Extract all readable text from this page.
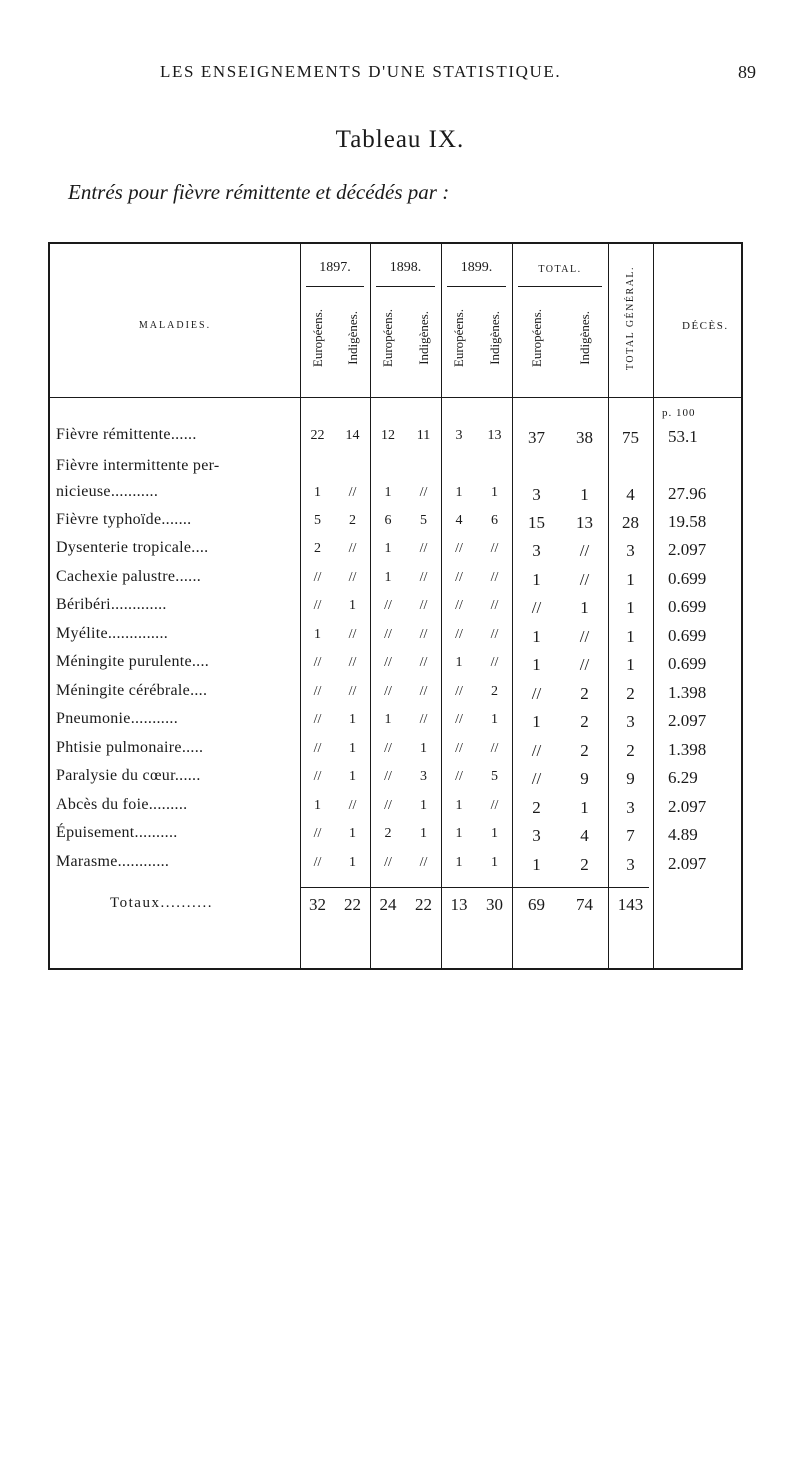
LES ENSEIGNEMENTS D'UNE STATISTIQUE.	89
Tableau IX.
Entrés pour fièvre rémittente et décédés par :
MALADIES.	DÉCÈS.
p. 100
1897.	1898.	1899.	TOTAL.
Européens. Indigènes. Européens. Indigènes. Européens. Indigènes. Européens.	Indigènes.	TOTAL GÉNÉRAL.
Fièvre rémittente......	22	14	12	11	3	13	37	38	75	53.1
Fièvre intermittente per-
nicieuse...........	1	//	1	//	1	1	3	1	4	27.96
Fièvre typhoïde.......	5	2	6	5	4	6	15	13	28	19.58
Dysenterie tropicale....	2	//	1	//	//	//	3	//	3	2.097
Cachexie palustre......	//	//	1	//	//	//	1	//	1	0.699
Béribéri.............	//	1	//	//	//	//	//	1	1	0.699
Myélite..............	1	//	//	//	//	//	1	//	1	0.699
Méningite purulente....	//	//	//	//	1	//	1	//	1	0.699
Méningite cérébrale....	//	//	//	//	//	2	//	2	2	1.398
Pneumonie...........	//	1	1	//	//	1	1	2	3	2.097
Phtisie pulmonaire.....	//	1	//	1	//	//	//	2	2	1.398
Paralysie du cœur......	//	1	//	3	//	5	//	9	9	6.29
Abcès du foie.........	1	//	//	1	1	//	2	1	3	2.097
Épuisement..........	//	1	2	1	1	1	3	4	7	4.89
Marasme............	//	1	//	//	1	1	1	2	3	2.097
Totaux..........	32	22	24	22	13	30	69	74	143
